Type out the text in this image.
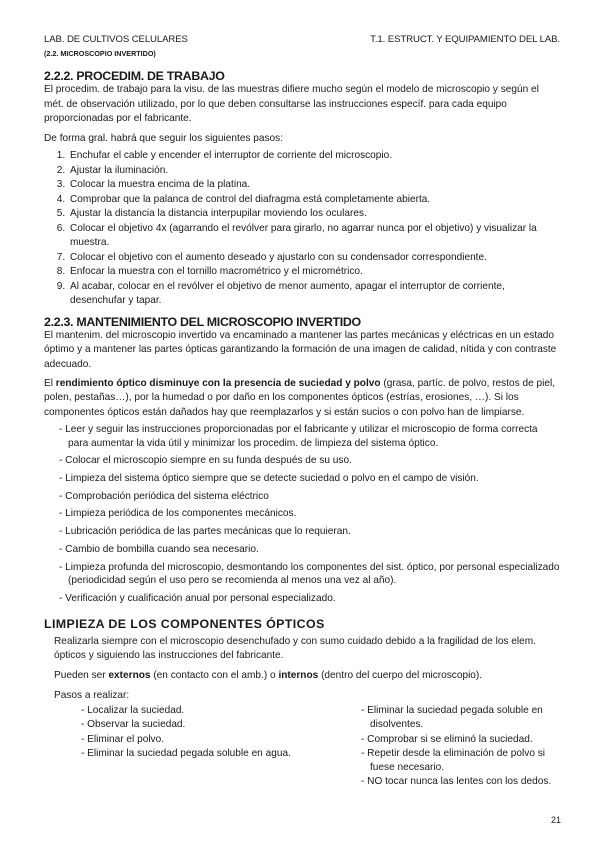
LAB. DE CULTIVOS CELULARES	T.1. ESTRUCT. Y EQUIPAMIENTO DEL LAB.
(2.2. MICROSCOPIO INVERTIDO)
2.2.2. PROCEDIM. DE TRABAJO

El procedim. de trabajo para la visu. de las muestras difiere mucho según el modelo de microscopio y según el mét. de observación utilizado, por lo que deben consultarse las instrucciones específ. para cada equipo proporcionadas por el fabricante.

De forma gral. habrá que seguir los siguientes pasos:

1. Enchufar el cable y encender el interruptor de corriente del microscopio.
2. Ajustar la iluminación.
3. Colocar la muestra encima de la platina.
4. Comprobar que la palanca de control del diafragma está completamente abierta.
5. Ajustar la distancia la distancia interpupilar moviendo los oculares.
6. Colocar el objetivo 4x (agarrando el revólver para girarlo, no agarrar nunca por el objetivo) y visualizar la muestra.
7. Colocar el objetivo con el aumento deseado y ajustarlo con su condensador correspondiente.
8. Enfocar la muestra con el tornillo macrométrico y el micrométrico.
9. Al acabar, colocar en el revólver el objetivo de menor aumento, apagar el interruptor de corriente, desenchufar y tapar.
2.2.3. MANTENIMIENTO DEL MICROSCOPIO INVERTIDO

El mantenim. del microscopio invertido va encaminado a mantener las partes mecánicas y eléctricas en un estado óptimo y a mantener las partes ópticas garantizando la formación de una imagen de calidad, nítida y con contraste adecuado.

El rendimiento óptico disminuye con la presencia de suciedad y polvo (grasa, partíc. de polvo, restos de piel, polen, pestañas…), por la humedad o por daño en los componentes ópticos (estrías, erosiones, …). Si los componentes ópticos están dañados hay que reemplazarlos y si están sucios o con polvo han de limpiarse.

- Leer y seguir las instrucciones proporcionadas por el fabricante y utilizar el microscopio de forma correcta para aumentar la vida útil y minimizar los procedim. de limpieza del sistema óptico.
- Colocar el microscopio siempre en su funda después de su uso.
- Limpieza del sistema óptico siempre que se detecte suciedad o polvo en el campo de visión.
- Comprobación periódica del sistema eléctrico
- Limpieza periódica de los componentes mecánicos.
- Lubricación periódica de las partes mecánicas que lo requieran.
- Cambio de bombilla cuando sea necesario.
- Limpieza profunda del microscopio, desmontando los componentes del sist. óptico, por personal especializado (periodicidad según el uso pero se recomienda al menos una vez al año).
- Verificación y cualificación anual por personal especializado.
LIMPIEZA DE LOS COMPONENTES ÓPTICOS

Realizarla siempre con el microscopio desenchufado y con sumo cuidado debido a la fragilidad de los elem. ópticos y siguiendo las instrucciones del fabricante.

Pueden ser externos (en contacto con el amb.) o internos (dentro del cuerpo del microscopio).

Pasos a realizar:

- Localizar la suciedad.
- Observar la suciedad.
- Eliminar el polvo.
- Eliminar la suciedad pegada soluble en agua.
- Eliminar la suciedad pegada soluble en disolventes.
- Comprobar si se eliminó la suciedad.
- Repetir desde la eliminación de polvo si fuese necesario.
- NO tocar nunca las lentes con los dedos.
21
